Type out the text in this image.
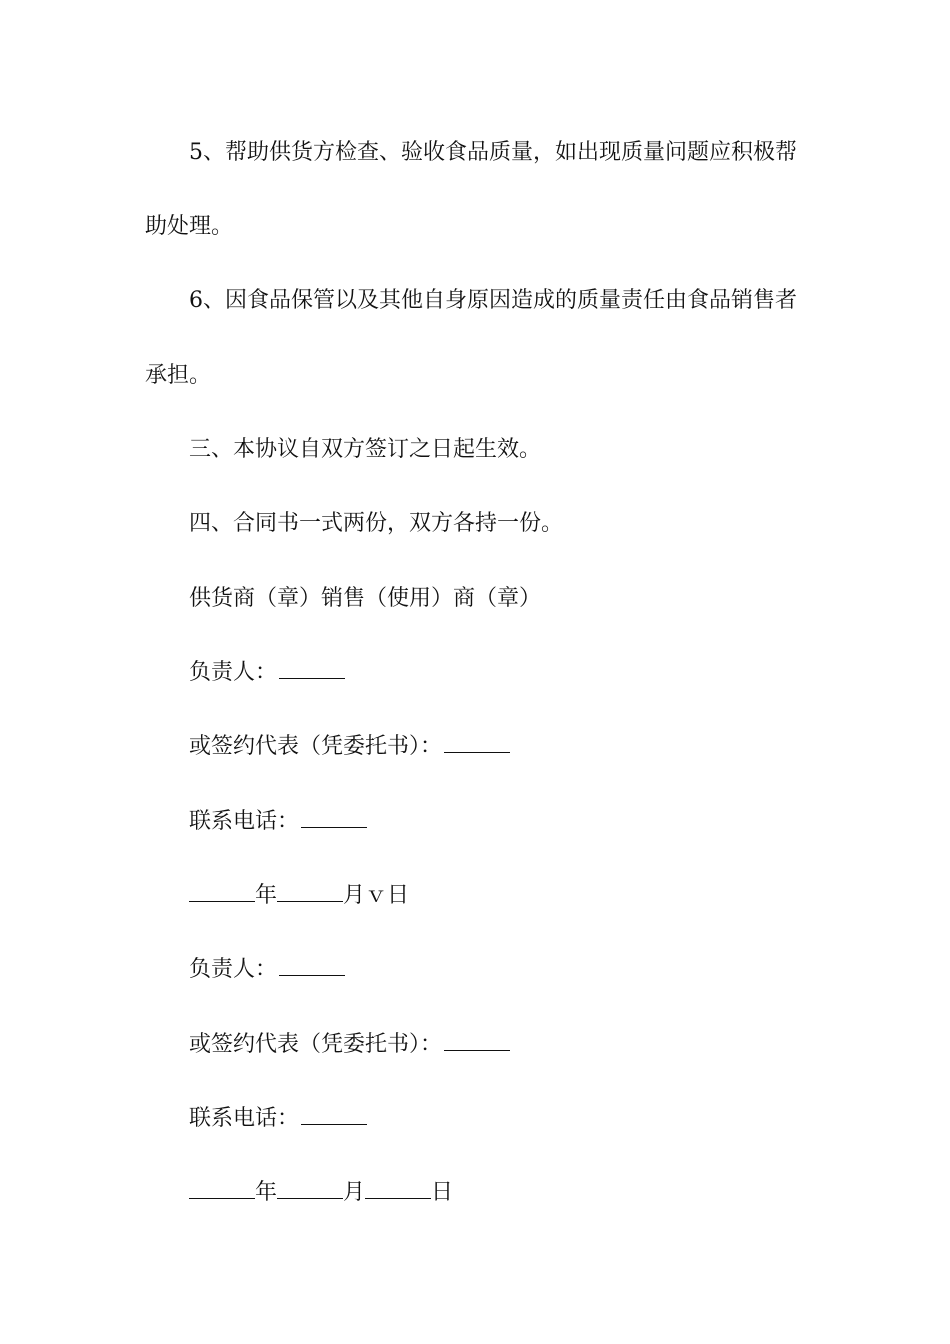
5、帮助供货方检查、验收食品质量，如出现质量问题应积极帮
助处理。
6、因食品保管以及其他自身原因造成的质量责任由食品销售者
承担。
三、本协议自双方签订之日起生效。
四、合同书一式两份，双方各持一份。
供货商（章）销售（使用）商（章）
负责人：
或签约代表（凭委托书）：
联系电话：
年	月ｖ日
负责人：
或签约代表（凭委托书）：
联系电话：
年	月	日
